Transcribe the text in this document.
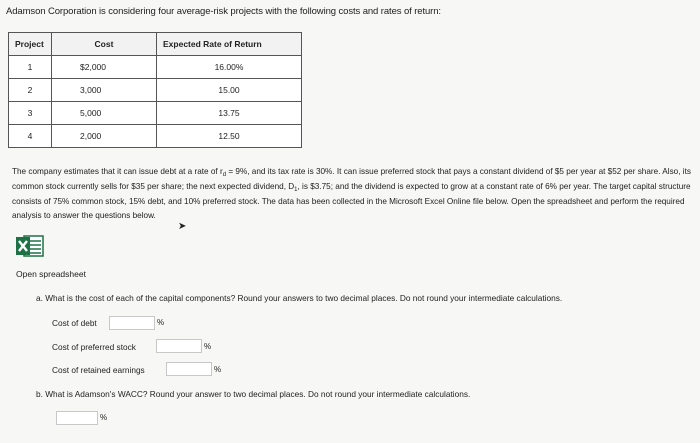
Adamson Corporation is considering four average-risk projects with the following costs and rates of return:
Project	Cost	Expected Rate of Return
1	$2,000	16.00%
2	3,000	15.00
3	5,000	13.75
4	2,000	12.50
The company estimates that it can issue debt at a rate of $r_d = 9\%$, and its tax rate is 30%. It can issue preferred stock that pays a constant dividend of $5 per year at $52 per share. Also, its common stock currently sells for $35 per share; the next expected dividend, $D_1$, is $3.75; and the dividend is expected to grow at a constant rate of 6% per year. The target capital structure consists of 75% common stock, 15% debt, and 10% preferred stock. The data has been collected in the Microsoft Excel Online file below. Open the spreadsheet and perform the required analysis to answer the questions below.
➤
Open spreadsheet
a. What is the cost of each of the capital components? Round your answers to two decimal places. Do not round your intermediate calculations.
Cost of debt	%
Cost of preferred stock	%
Cost of retained earnings	%
b. What is Adamson's WACC? Round your answer to two decimal places. Do not round your intermediate calculations.
%
